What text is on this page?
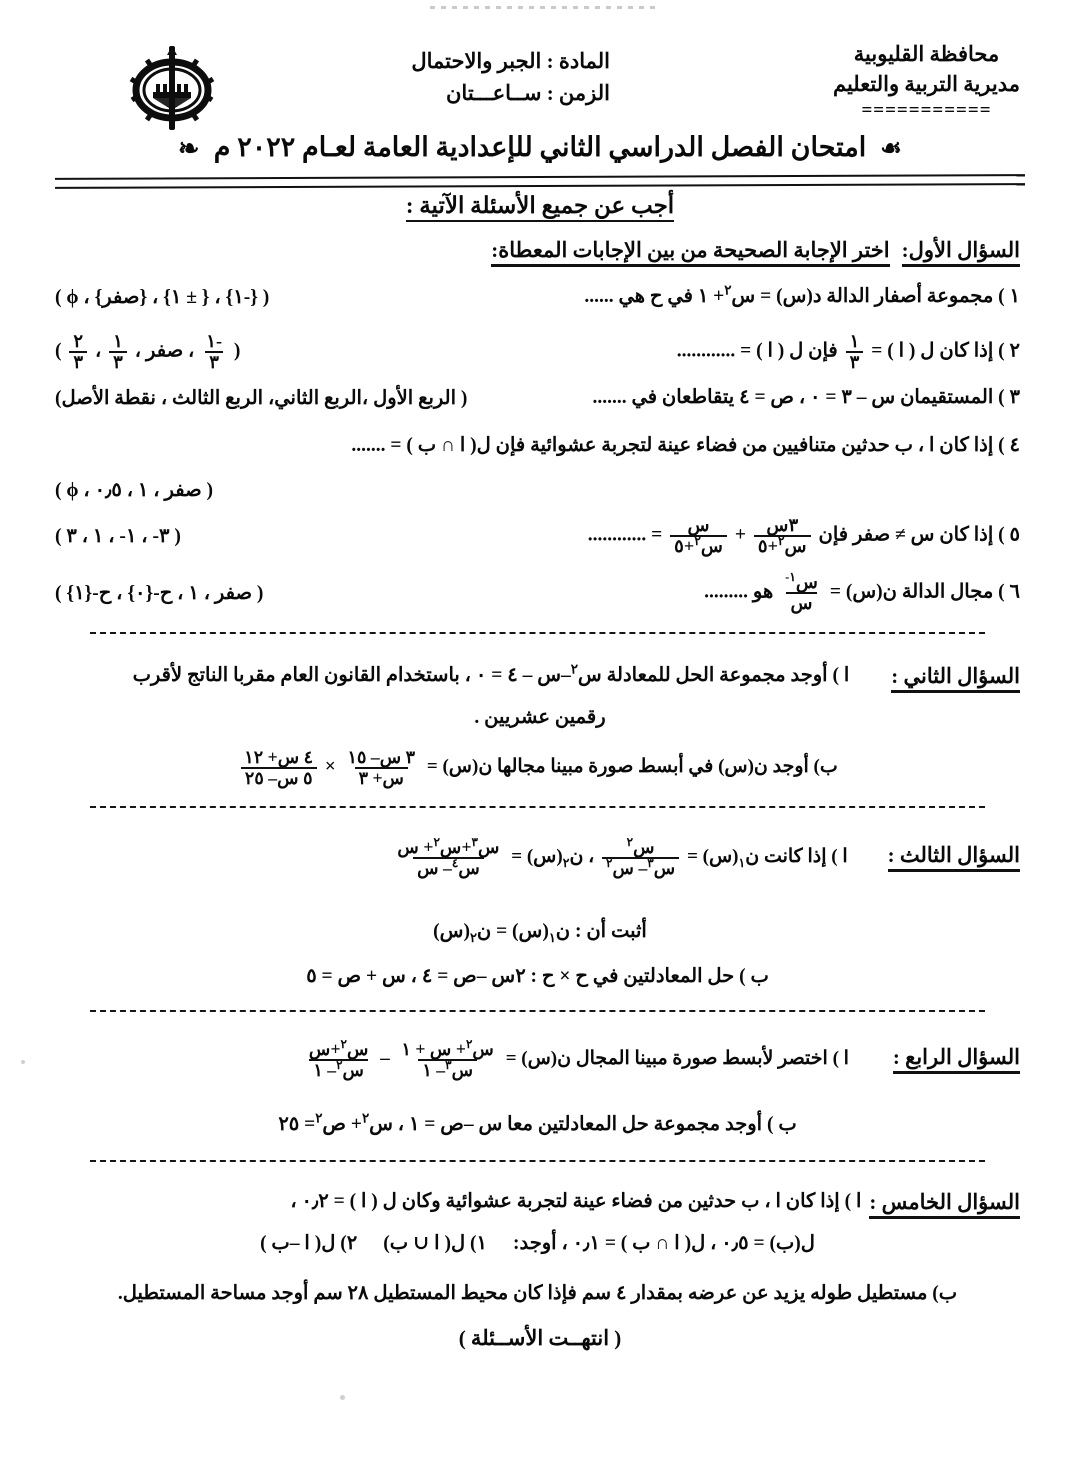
محافظة القليوبية
مديرية التربية والتعليم
===========
المادة : الجبر والاحتمال
الزمن : ســاعـــتان
☙ امتحان الفصل الدراسي الثاني للإعدادية العامة لعـام ٢٠٢٢ م ☙
أجب عن جميع الأسئلة الآتية :
السؤال الأول:
اختر الإجابة الصحيحة من بين الإجابات المعطاة:
١ ) مجموعة أصفار الدالة د(س) = س$^٢$+ ١ في ح هي ......
( {-١} ، { ± ١} ، {صفر} ، ϕ )
٢ ) إذا كان ل ( ا ) =
$\frac{١}{٣}$
فإن ل ( ا ) = ............
(
$\frac{-١}{٣}$
، صفر ،
$\frac{١}{٣}$
،
$\frac{٢}{٣}$
)
٣ ) المستقيمان س – ٣ = ٠ ، ص = ٤ يتقاطعان في .......
( الربع الأول ،الربع الثاني، الربع الثالث ، نقطة الأصل)
٤ ) إذا كان ا ، ب حدثين متنافيين من فضاء عينة لتجربة عشوائية فإن ل( ا ∩ ب ) = .......
( صفر ، ١ ، ٠٫٥ ، ϕ )
٥ ) إذا كان س ≠ صفر فإن
$\frac{\text{٣س}}{س^٢+٥}$
+
$\frac{\text{س}}{س^٢+٥}$
= ............
( ٣- ، ١- ، ١ ، ٣ )
٦ ) مجال الدالة ن(س) =
$\frac{س^{١-}}{\text{س}}$
هو .........
( صفر ، ١ ، ح-{٠} ، ح-{١} )
السؤال الثاني :
ا ) أوجد مجموعة الحل للمعادلة س$^٢$–س – ٤ = ٠ ، باستخدام القانون العام مقربا الناتج لأقرب
رقمين عشريين .
ب) أوجد ن(س) في أبسط صورة مبينا مجالها ن(س) =
$\frac{\text{٣ س– ١٥}}{\text{س+ ٣}}$
×
$\frac{\text{٤ س+ ١٢}}{\text{٥ س– ٢٥}}$
السؤال الثالث :
ا ) إذا كانت ن$_١$(س) =
$\frac{س^٢}{س^٣- س^٢}$
، ن$_٢$(س) =
$\frac{س^٣+س^٢+ س}{س^٤- س}$
أثبت أن : ن$_١$(س) = ن$_٢$(س)
ب ) حل المعادلتين في ح × ح : ٢س –ص = ٤ ، س + ص = ٥
السؤال الرابع :
ا ) اختصر لأبسط صورة مبينا المجال ن(س) =
$\frac{س^٢+ س + ١}{س^٣- ١}$
–
$\frac{س^٢+س}{س^٢- ١}$
ب ) أوجد مجموعة حل المعادلتين معا س –ص = ١ ، س$^٢$+ ص$^٢$= ٢٥
السؤال الخامس :
ا ) إذا كان ا ، ب حدثين من فضاء عينة لتجربة عشوائية وكان ل ( ا ) = ٠٫٢ ،
ل(ب) = ٠٫٥ ، ل( ا ∩ ب ) = ٠٫١ ، أوجد:
١) ل( ا ∪ ب)
٢) ل( ا –ب )
ب) مستطيل طوله يزيد عن عرضه بمقدار ٤ سم فإذا كان محيط المستطيل ٢٨ سم أوجد مساحة المستطيل.
( انتهــت الأســئلة )
